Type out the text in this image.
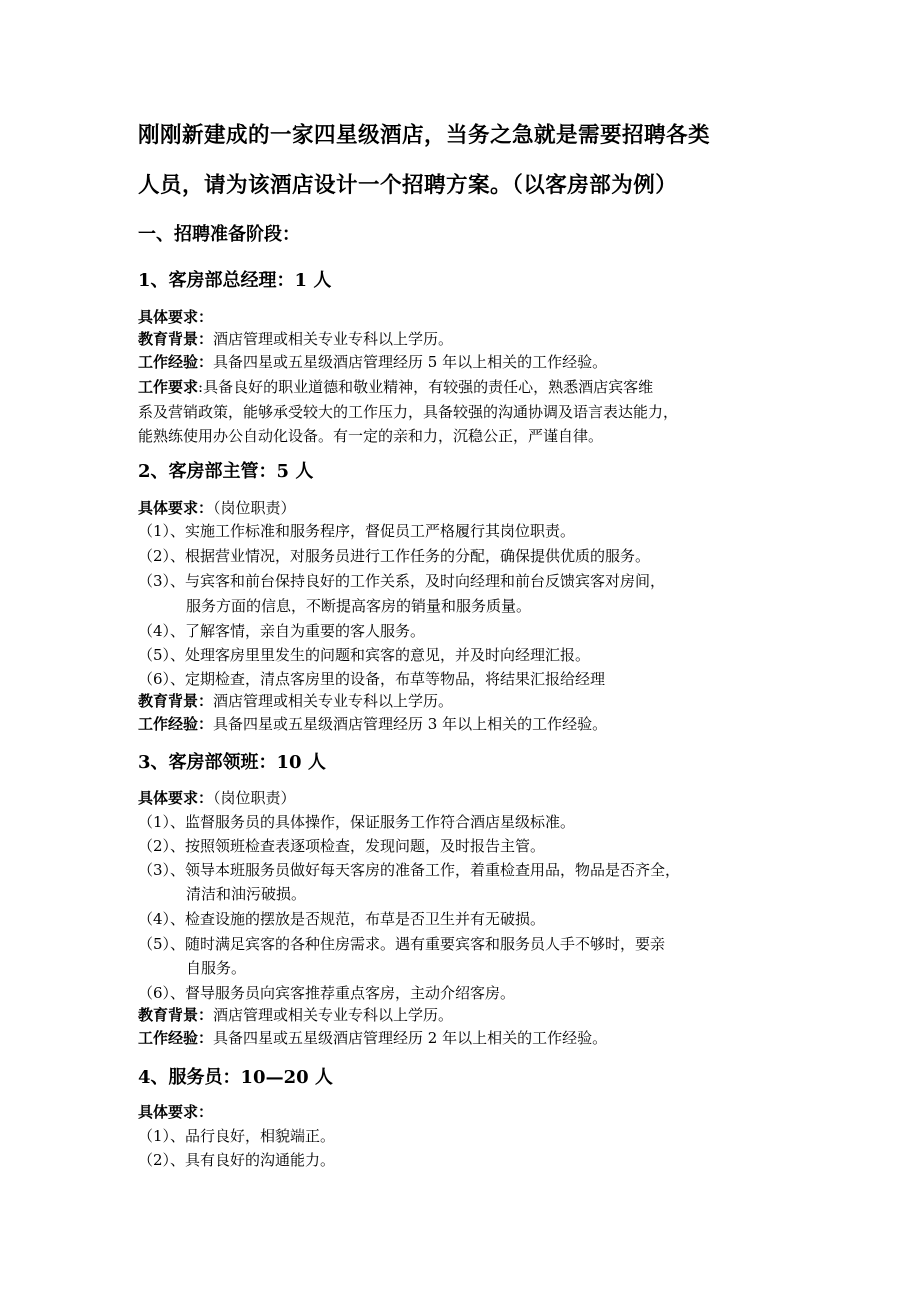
刚刚新建成的一家四星级酒店，当务之急就是需要招聘各类
人员，请为该酒店设计一个招聘方案。（以客房部为例）
一、招聘准备阶段：
1、客房部总经理：1 人
具体要求：
教育背景：酒店管理或相关专业专科以上学历。
工作经验：具备四星或五星级酒店管理经历 5 年以上相关的工作经验。
工作要求:具备良好的职业道德和敬业精神，有较强的责任心，熟悉酒店宾客维
系及营销政策，能够承受较大的工作压力，具备较强的沟通协调及语言表达能力，
能熟练使用办公自动化设备。有一定的亲和力，沉稳公正，严谨自律。
2、客房部主管：5 人
具体要求：（岗位职责）
（1）、实施工作标准和服务程序，督促员工严格履行其岗位职责。
（2）、根据营业情况，对服务员进行工作任务的分配，确保提供优质的服务。
（3）、与宾客和前台保持良好的工作关系，及时向经理和前台反馈宾客对房间，
服务方面的信息，不断提高客房的销量和服务质量。
（4）、了解客情，亲自为重要的客人服务。
（5）、处理客房里里发生的问题和宾客的意见，并及时向经理汇报。
（6）、定期检查，清点客房里的设备，布草等物品，将结果汇报给经理
教育背景：酒店管理或相关专业专科以上学历。
工作经验：具备四星或五星级酒店管理经历 3 年以上相关的工作经验。
3、客房部领班：10 人
具体要求：（岗位职责）
（1）、监督服务员的具体操作，保证服务工作符合酒店星级标准。
（2）、按照领班检查表逐项检查，发现问题，及时报告主管。
（3）、领导本班服务员做好每天客房的准备工作，着重检查用品，物品是否齐全，
清洁和油污破损。
（4）、检查设施的摆放是否规范，布草是否卫生并有无破损。
（5）、随时满足宾客的各种住房需求。遇有重要宾客和服务员人手不够时，要亲
自服务。
（6）、督导服务员向宾客推荐重点客房，主动介绍客房。
教育背景：酒店管理或相关专业专科以上学历。
工作经验：具备四星或五星级酒店管理经历 2 年以上相关的工作经验。
4、服务员：10—20 人
具体要求：
（1）、品行良好，相貌端正。
（2）、具有良好的沟通能力。
